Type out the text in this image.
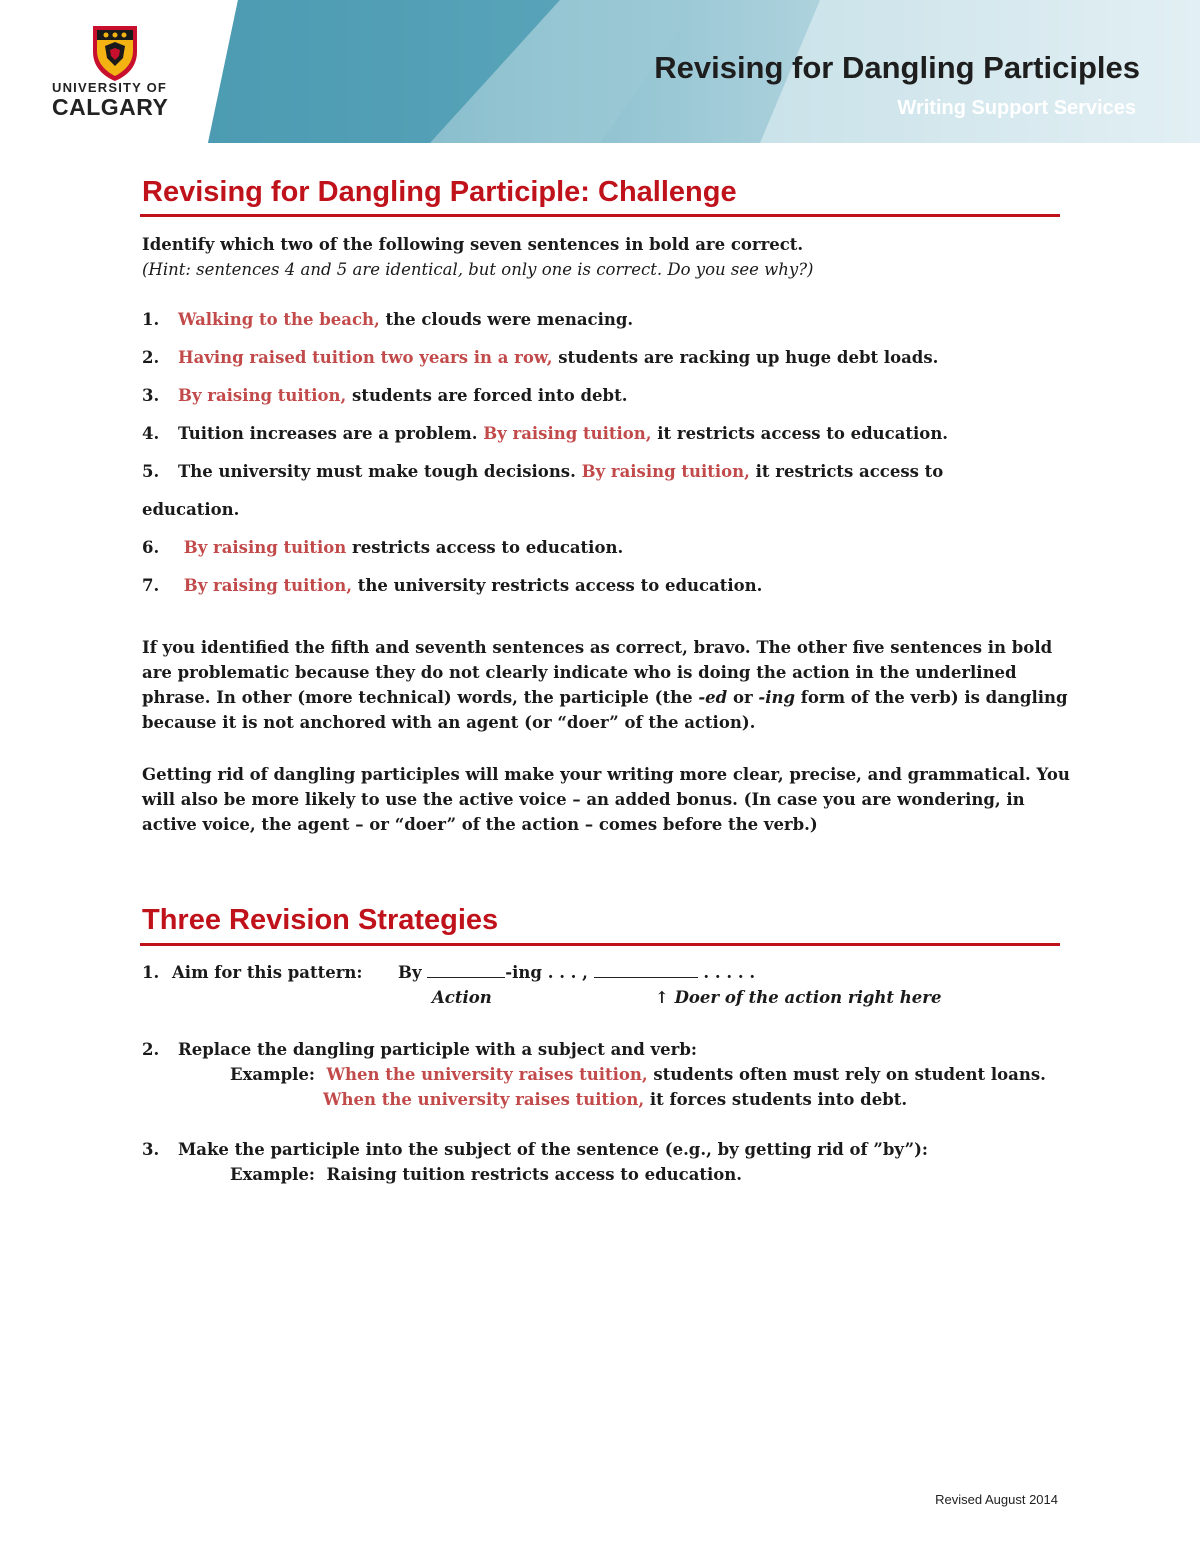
UNIVERSITY OF
CALGARY
Revising for Dangling Participles
Writing Support Services
Revising for Dangling Participle: Challenge
Identify which two of the following seven sentences in bold are correct.
(Hint: sentences 4 and 5 are identical, but only one is correct. Do you see why?)
1. Walking to the beach, the clouds were menacing.
2. Having raised tuition two years in a row, students are racking up huge debt loads.
3. By raising tuition, students are forced into debt.
4. Tuition increases are a problem. By raising tuition, it restricts access to education.
5. The university must make tough decisions. By raising tuition, it restricts access to
education.
6. By raising tuition restricts access to education.
7. By raising tuition, the university restricts access to education.
If you identified the fifth and seventh sentences as correct, bravo. The other five sentences in bold
are problematic because they do not clearly indicate who is doing the action in the underlined
phrase. In other (more technical) words, the participle (the -ed or -ing form of the verb) is dangling
because it is not anchored with an agent (or “doer” of the action).
Getting rid of dangling participles will make your writing more clear, precise, and grammatical. You
will also be more likely to use the active voice – an added bonus. (In case you are wondering, in
active voice, the agent – or “doer” of the action – comes before the verb.)
Three Revision Strategies
1. Aim for this pattern: By	-ing . . . ,	. . . . .
Action	↑ Doer of the action right here
2. Replace the dangling participle with a subject and verb:
Example: When the university raises tuition, students often must rely on student loans.
When the university raises tuition, it forces students into debt.
3. Make the participle into the subject of the sentence (e.g., by getting rid of ”by”):
Example: Raising tuition restricts access to education.
Revised August 2014
